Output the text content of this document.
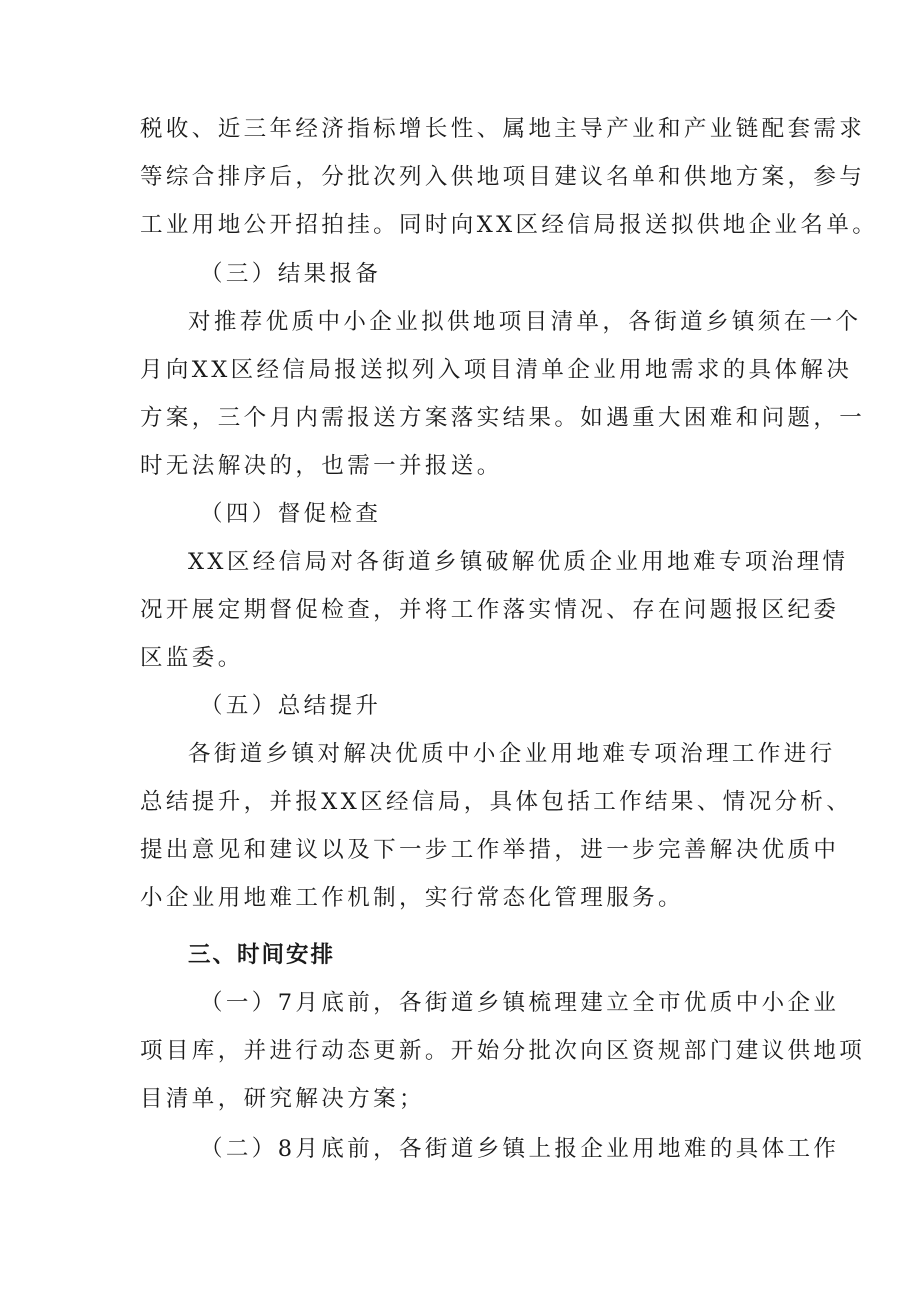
税收、近三年经济指标增长性、属地主导产业和产业链配套需求
等综合排序后，分批次列入供地项目建议名单和供地方案，参与
工业用地公开招拍挂。同时向XX区经信局报送拟供地企业名单。
（三）结果报备
对推荐优质中小企业拟供地项目清单，各街道乡镇须在一个
月向XX区经信局报送拟列入项目清单企业用地需求的具体解决
方案，三个月内需报送方案落实结果。如遇重大困难和问题，一
时无法解决的，也需一并报送。
（四）督促检查
XX区经信局对各街道乡镇破解优质企业用地难专项治理情
况开展定期督促检查，并将工作落实情况、存在问题报区纪委
区监委。
（五）总结提升
各街道乡镇对解决优质中小企业用地难专项治理工作进行
总结提升，并报XX区经信局，具体包括工作结果、情况分析、
提出意见和建议以及下一步工作举措，进一步完善解决优质中
小企业用地难工作机制，实行常态化管理服务。
三、时间安排
（一）7月底前，各街道乡镇梳理建立全市优质中小企业
项目库，并进行动态更新。开始分批次向区资规部门建议供地项
目清单，研究解决方案；
（二）8月底前，各街道乡镇上报企业用地难的具体工作
